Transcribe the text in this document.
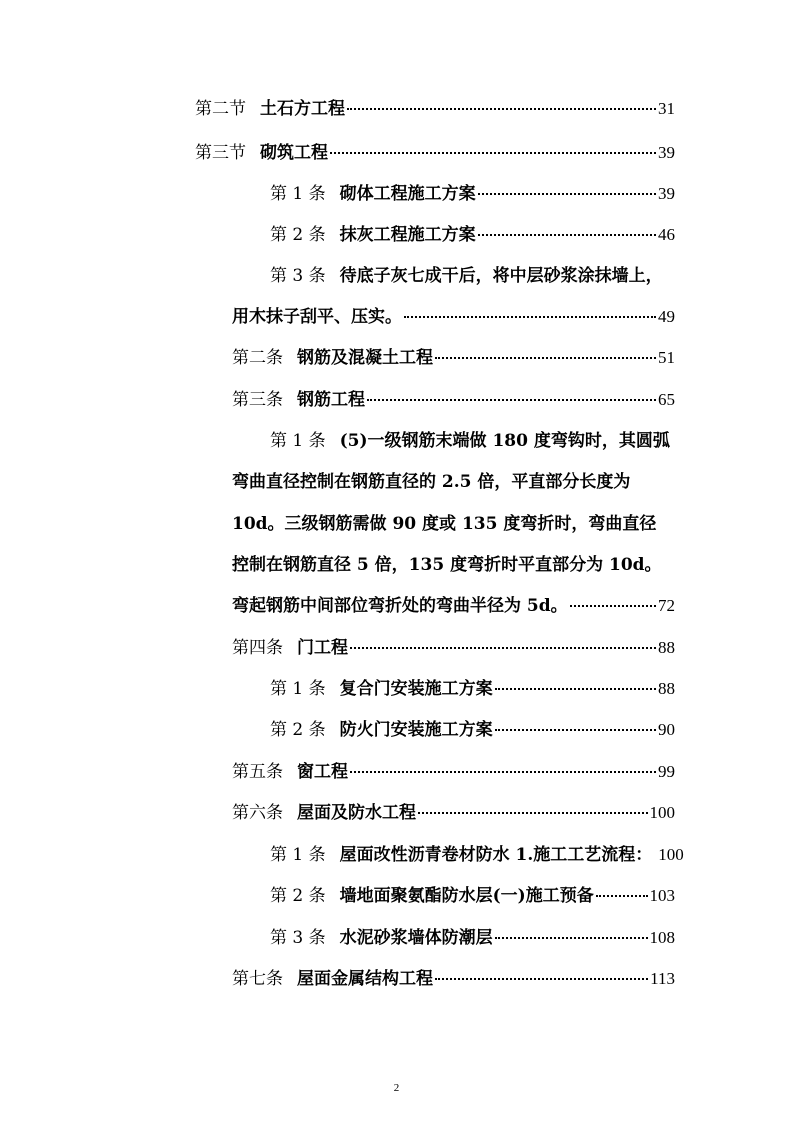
第二节 土石方工程	31
第三节 砌筑工程	39
第 1 条 砌体工程施工方案	39
第 2 条 抹灰工程施工方案	46
第 3 条 待底子灰七成干后，将中层砂浆涂抹墙上，
用木抹子刮平、压实。	49
第二条 钢筋及混凝土工程	51
第三条 钢筋工程	65
第 1 条 (5)一级钢筋末端做 180 度弯钩时，其圆弧
弯曲直径控制在钢筋直径的 2.5 倍，平直部分长度为
10d。三级钢筋需做 90 度或 135 度弯折时，弯曲直径
控制在钢筋直径 5 倍，135 度弯折时平直部分为 10d。
弯起钢筋中间部位弯折处的弯曲半径为 5d。	72
第四条 门工程	88
第 1 条 复合门安装施工方案	88
第 2 条 防火门安装施工方案	90
第五条 窗工程	99
第六条 屋面及防水工程	100
第 1 条 屋面改性沥青卷材防水 1.施工工艺流程： 100
第 2 条 墙地面聚氨酯防水层(一)施工预备	103
第 3 条 水泥砂浆墙体防潮层	108
第七条 屋面金属结构工程	113
2
